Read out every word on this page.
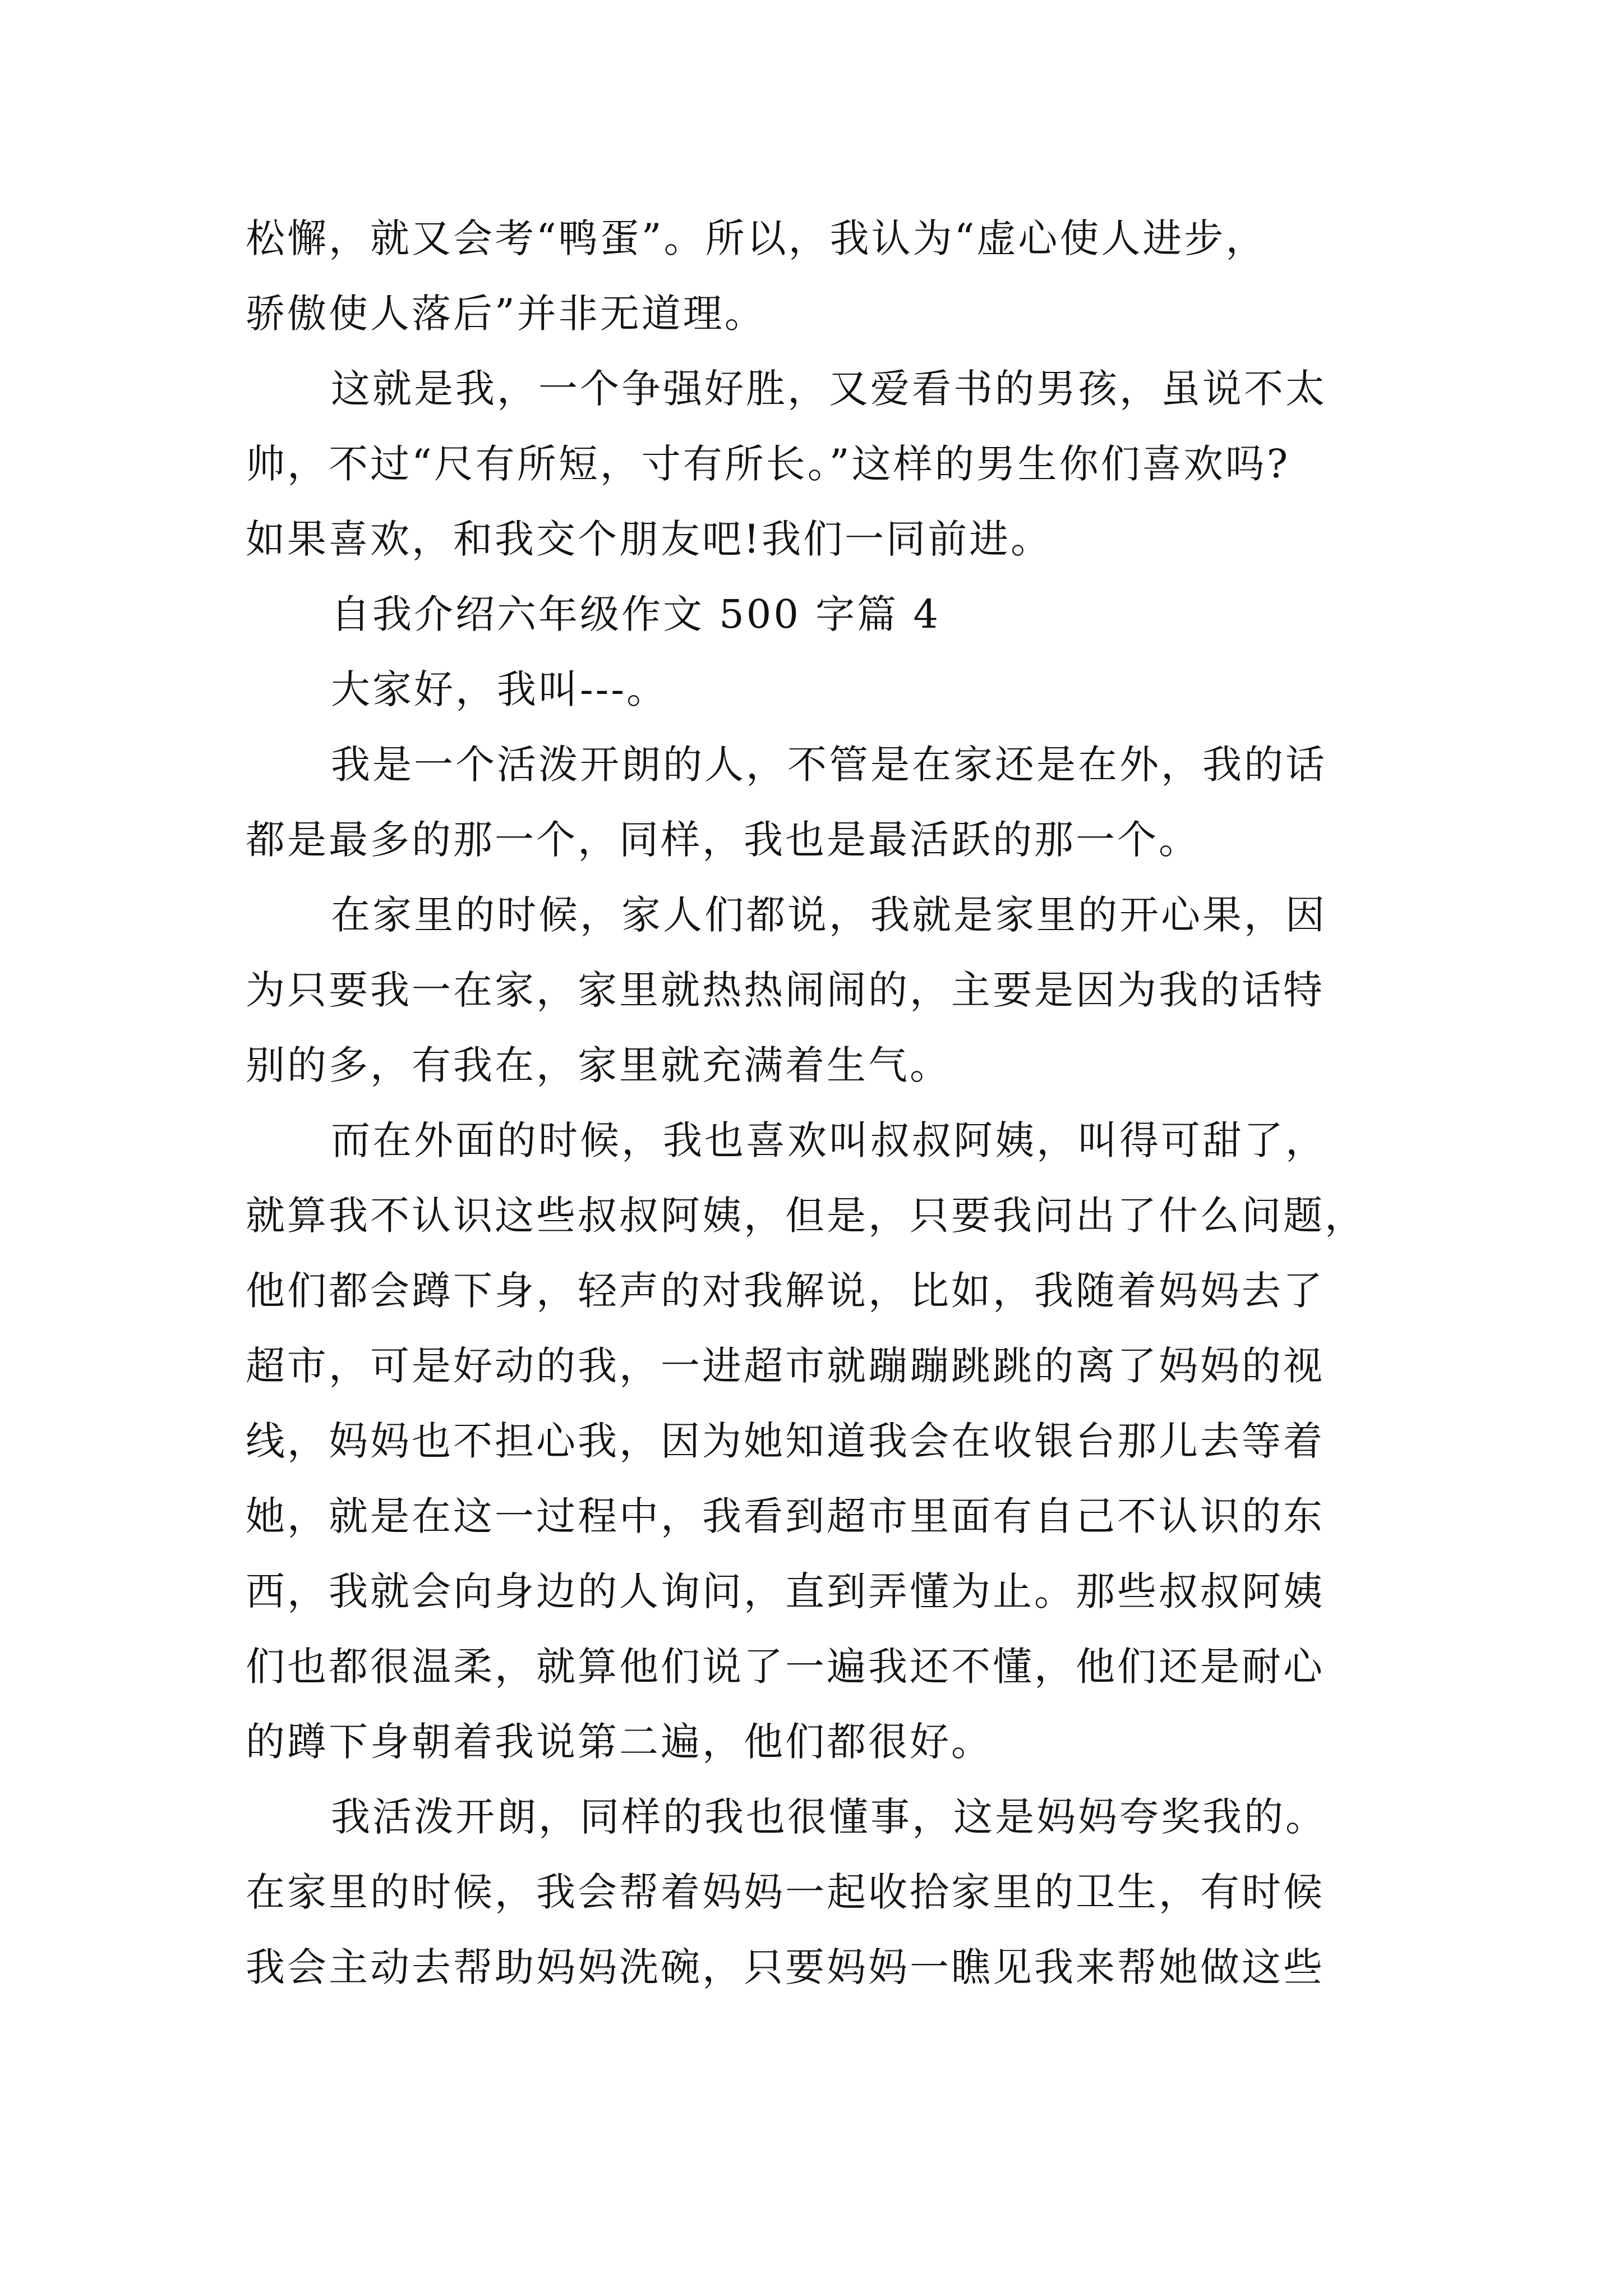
松懈，就又会考“鸭蛋”。所以，我认为“虚心使人进步，
骄傲使人落后”并非无道理。

这就是我，一个争强好胜，又爱看书的男孩，虽说不太
帅，不过“尺有所短，寸有所长。”这样的男生你们喜欢吗?
如果喜欢，和我交个朋友吧!我们一同前进。

自我介绍六年级作文 500 字篇 4

大家好，我叫---。

我是一个活泼开朗的人，不管是在家还是在外，我的话
都是最多的那一个，同样，我也是最活跃的那一个。

在家里的时候，家人们都说，我就是家里的开心果，因
为只要我一在家，家里就热热闹闹的，主要是因为我的话特
别的多，有我在，家里就充满着生气。

而在外面的时候，我也喜欢叫叔叔阿姨，叫得可甜了，
就算我不认识这些叔叔阿姨，但是，只要我问出了什么问题，
他们都会蹲下身，轻声的对我解说，比如，我随着妈妈去了
超市，可是好动的我，一进超市就蹦蹦跳跳的离了妈妈的视
线，妈妈也不担心我，因为她知道我会在收银台那儿去等着
她，就是在这一过程中，我看到超市里面有自己不认识的东
西，我就会向身边的人询问，直到弄懂为止。那些叔叔阿姨
们也都很温柔，就算他们说了一遍我还不懂，他们还是耐心
的蹲下身朝着我说第二遍，他们都很好。

我活泼开朗，同样的我也很懂事，这是妈妈夸奖我的。
在家里的时候，我会帮着妈妈一起收拾家里的卫生，有时候
我会主动去帮助妈妈洗碗，只要妈妈一瞧见我来帮她做这些
